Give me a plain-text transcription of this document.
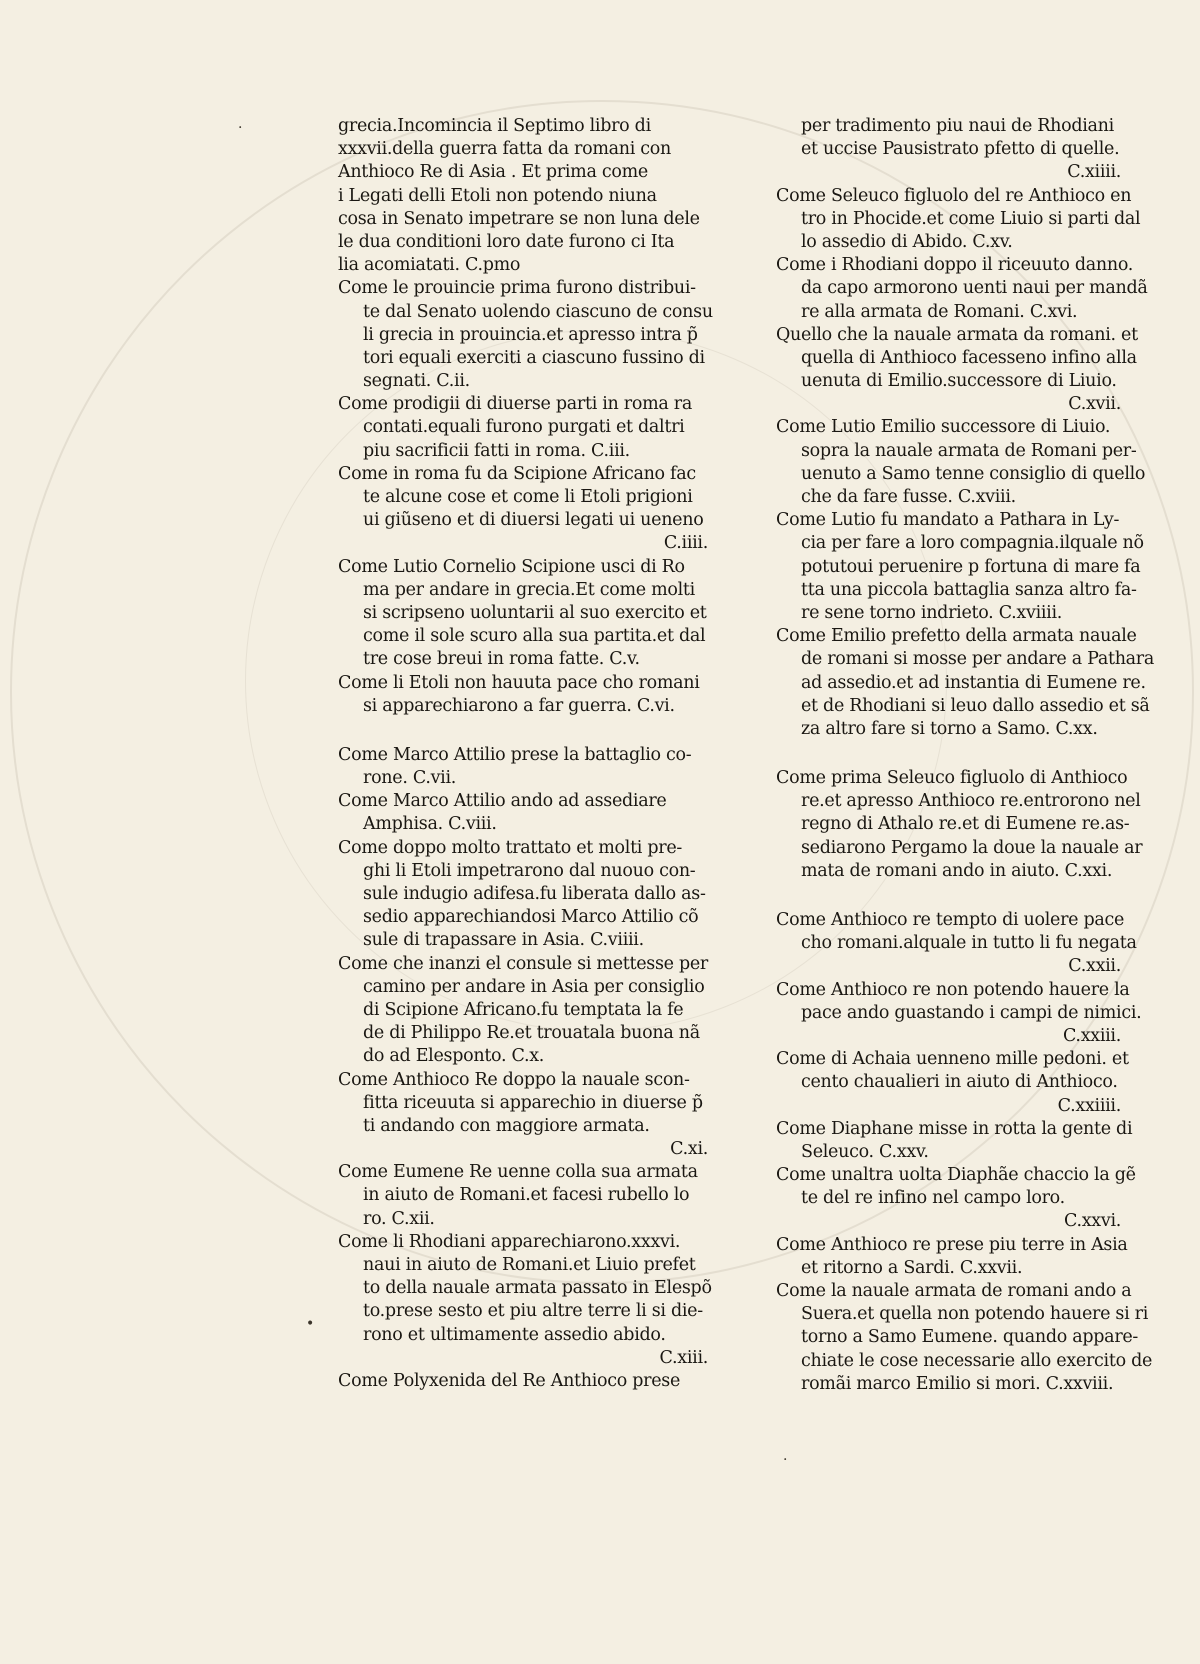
grecia.Incomincia il Septimo libro di
xxxvii.della guerra fatta da romani con
Anthioco Re di Asia . Et prima come
i Legati delli Etoli non potendo niuna
cosa in Senato impetrare se non luna dele
le dua conditioni loro date furono ci Ita
lia acomiatati. C.pmo
Come le prouincie prima furono distribui-
te dal Senato uolendo ciascuno de consu
li grecia in prouincia.et apresso intra p̃
tori equali exerciti a ciascuno fussino di
segnati. C.ii.
Come prodigii di diuerse parti in roma ra
contati.equali furono purgati et daltri
piu sacrificii fatti in roma. C.iii.
Come in roma fu da Scipione Africano fac
te alcune cose et come li Etoli prigioni
ui giũseno et di diuersi legati ui ueneno
C.iiii.
Come Lutio Cornelio Scipione usci di Ro
ma per andare in grecia.Et come molti
si scripseno uoluntarii al suo exercito et
come il sole scuro alla sua partita.et dal
tre cose breui in roma fatte. C.v.
Come li Etoli non hauuta pace cho romani
si apparechiarono a far guerra. C.vi.
Come Marco Attilio prese la battaglio co-
rone. C.vii.
Come Marco Attilio ando ad assediare
Amphisa. C.viii.
Come doppo molto trattato et molti pre-
ghi li Etoli impetrarono dal nuouo con-
sule indugio adifesa.fu liberata dallo as-
sedio apparechiandosi Marco Attilio cõ
sule di trapassare in Asia. C.viiii.
Come che inanzi el consule si mettesse per
camino per andare in Asia per consiglio
di Scipione Africano.fu temptata la fe
de di Philippo Re.et trouatala buona nã
do ad Elesponto. C.x.
Come Anthioco Re doppo la nauale scon-
fitta riceuuta si apparechio in diuerse p̃
ti andando con maggiore armata.
C.xi.
Come Eumene Re uenne colla sua armata
in aiuto de Romani.et facesi rubello lo
ro. C.xii.
Come li Rhodiani apparechiarono.xxxvi.
naui in aiuto de Romani.et Liuio prefet
to della nauale armata passato in Elespõ
to.prese sesto et piu altre terre li si die-
rono et ultimamente assedio abido.
C.xiii.
Come Polyxenida del Re Anthioco prese
per tradimento piu naui de Rhodiani
et uccise Pausistrato pfetto di quelle.
C.xiiii.
Come Seleuco figluolo del re Anthioco en
tro in Phocide.et come Liuio si parti dal
lo assedio di Abido. C.xv.
Come i Rhodiani doppo il riceuuto danno.
da capo armorono uenti naui per mandã
re alla armata de Romani. C.xvi.
Quello che la nauale armata da romani. et
quella di Anthioco facesseno infino alla
uenuta di Emilio.successore di Liuio.
C.xvii.
Come Lutio Emilio successore di Liuio.
sopra la nauale armata de Romani per-
uenuto a Samo tenne consiglio di quello
che da fare fusse. C.xviii.
Come Lutio fu mandato a Pathara in Ly-
cia per fare a loro compagnia.ilquale nõ
potutoui peruenire p fortuna di mare fa
tta una piccola battaglia sanza altro fa-
re sene torno indrieto. C.xviiii.
Come Emilio prefetto della armata nauale
de romani si mosse per andare a Pathara
ad assedio.et ad instantia di Eumene re.
et de Rhodiani si leuo dallo assedio et sã
za altro fare si torno a Samo. C.xx.
Come prima Seleuco figluolo di Anthioco
re.et apresso Anthioco re.entrorono nel
regno di Athalo re.et di Eumene re.as-
sediarono Pergamo la doue la nauale ar
mata de romani ando in aiuto. C.xxi.
Come Anthioco re tempto di uolere pace
cho romani.alquale in tutto li fu negata
C.xxii.
Come Anthioco re non potendo hauere la
pace ando guastando i campi de nimici.
C.xxiii.
Come di Achaia uenneno mille pedoni. et
cento chaualieri in aiuto di Anthioco.
C.xxiiii.
Come Diaphane misse in rotta la gente di
Seleuco. C.xxv.
Come unaltra uolta Diaphãe chaccio la gẽ
te del re infino nel campo loro.
C.xxvi.
Come Anthioco re prese piu terre in Asia
et ritorno a Sardi. C.xxvii.
Come la nauale armata de romani ando a
Suera.et quella non potendo hauere si ri
torno a Samo Eumene. quando appare-
chiate le cose necessarie allo exercito de
romãi marco Emilio si mori. C.xxviii.
·
•
·
